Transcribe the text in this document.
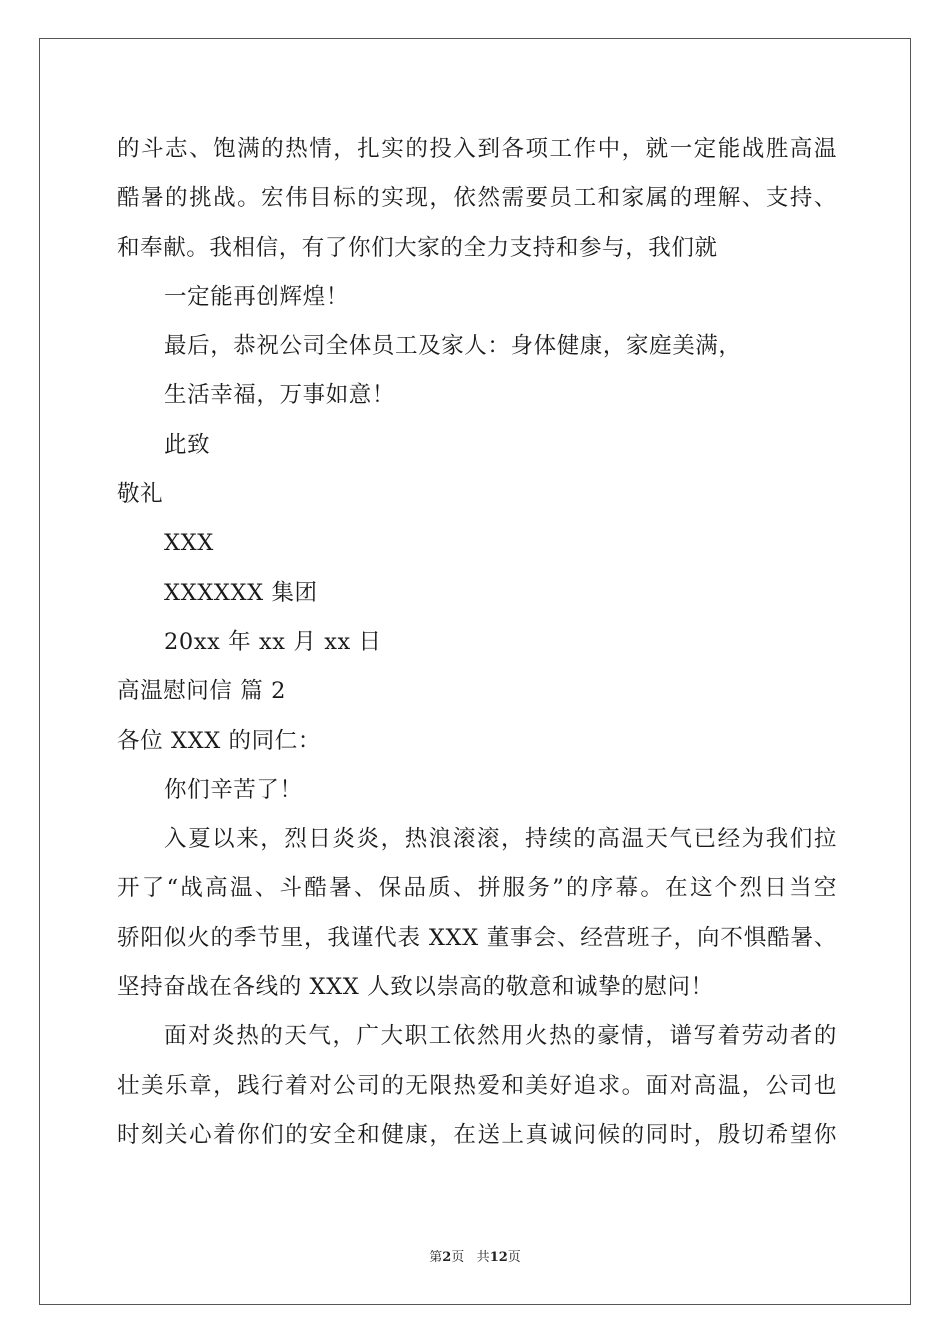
的斗志、饱满的热情，扎实的投入到各项工作中，就一定能战胜高温
酷暑的挑战。宏伟目标的实现，依然需要员工和家属的理解、支持、
和奉献。我相信，有了你们大家的全力支持和参与，我们就
一定能再创辉煌！
最后，恭祝公司全体员工及家人：身体健康，家庭美满，
生活幸福，万事如意！
此致
敬礼
XXX
XXXXXX 集团
20xx 年 xx 月 xx 日
高温慰问信 篇 2
各位 XXX 的同仁：
你们辛苦了！
入夏以来，烈日炎炎，热浪滚滚，持续的高温天气已经为我们拉
开了“战高温、斗酷暑、保品质、拼服务”的序幕。在这个烈日当空
骄阳似火的季节里，我谨代表 XXX 董事会、经营班子，向不惧酷暑、
坚持奋战在各线的 XXX 人致以崇高的敬意和诚挚的慰问！
面对炎热的天气，广大职工依然用火热的豪情，谱写着劳动者的
壮美乐章，践行着对公司的无限热爱和美好追求。面对高温，公司也
时刻关心着你们的安全和健康，在送上真诚问候的同时，殷切希望你
第2页 共12页
